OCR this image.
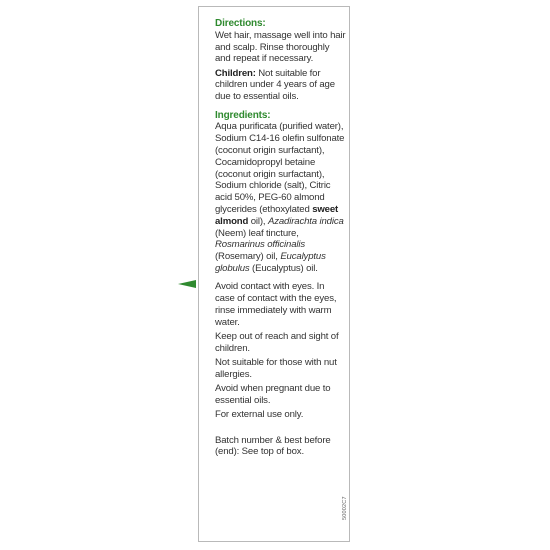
Directions:

Wet hair, massage well into hair and scalp. Rinse thoroughly and repeat if necessary.

Children: Not suitable for children under 4 years of age due to essential oils.

Ingredients:

Aqua purificata (purified water), Sodium C14-16 olefin sulfonate (coconut origin surfactant), Cocamidopropyl betaine (coconut origin surfactant), Sodium chloride (salt), Citric acid 50%, PEG-60 almond glycerides (ethoxylated sweet almond oil), Azadirachta indica (Neem) leaf tincture, Rosmarinus officinalis (Rosemary) oil, Eucalyptus globulus (Eucalyptus) oil.

Avoid contact with eyes. In case of contact with the eyes, rinse immediately with warm water.

Keep out of reach and sight of children.

Not suitable for those with nut allergies.

Avoid when pregnant due to essential oils.

For external use only.

Batch number & best before (end): See top of box.

50002C7
